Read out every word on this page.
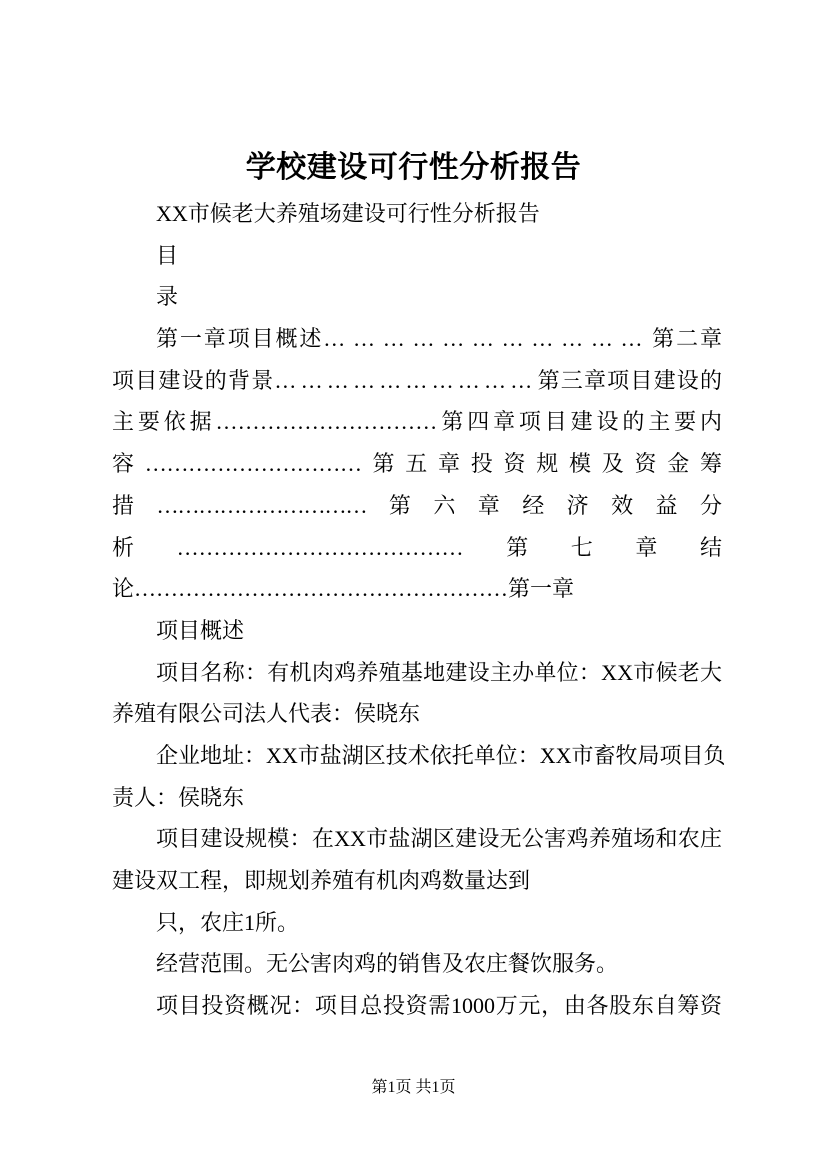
学校建设可行性分析报告
XX市候老大养殖场建设可行性分析报告
目
录
第一章项目概述……………………………第二章
项目建设的背景…………………………第三章项目建设的
主要依据…………………………第四章项目建设的主要内
容…………………………第五章投资规模及资金筹
措…………………………第六章经济效益分
析…………………………………第七章结
论……………………………………………第一章
项目概述
项目名称：有机肉鸡养殖基地建设主办单位：XX市候老大
养殖有限公司法人代表：侯晓东
企业地址：XX市盐湖区技术依托单位：XX市畜牧局项目负
责人：侯晓东
项目建设规模：在XX市盐湖区建设无公害鸡养殖场和农庄
建设双工程，即规划养殖有机肉鸡数量达到
只，农庄1所。
经营范围。无公害肉鸡的销售及农庄餐饮服务。
项目投资概况：项目总投资需1000万元，由各股东自筹资
第1页 共1页
